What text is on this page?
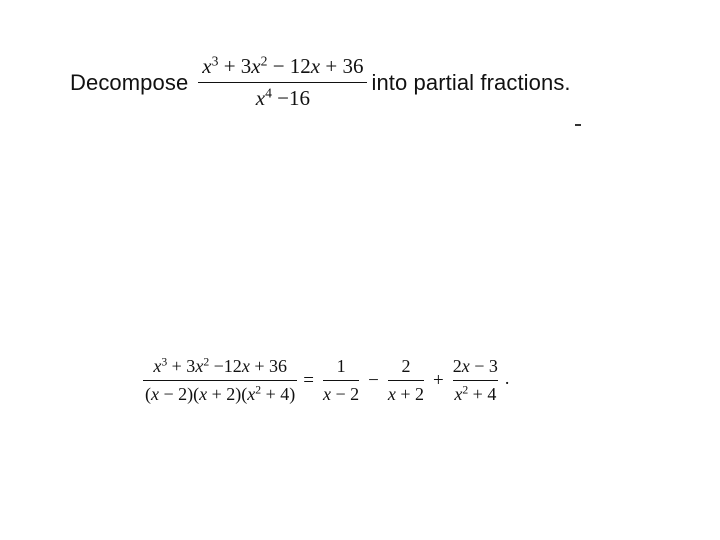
Decompose $\frac{x^3 + 3x^2 - 12x + 36}{x^4 -16}$ into partial fractions.
$\frac{x^3 + 3x^2 -12x + 36}{(x - 2)(x + 2)(x^2 + 4)} = \frac{1}{x - 2} - \frac{2}{x + 2} + \frac{2x - 3}{x^2 + 4}$ .
